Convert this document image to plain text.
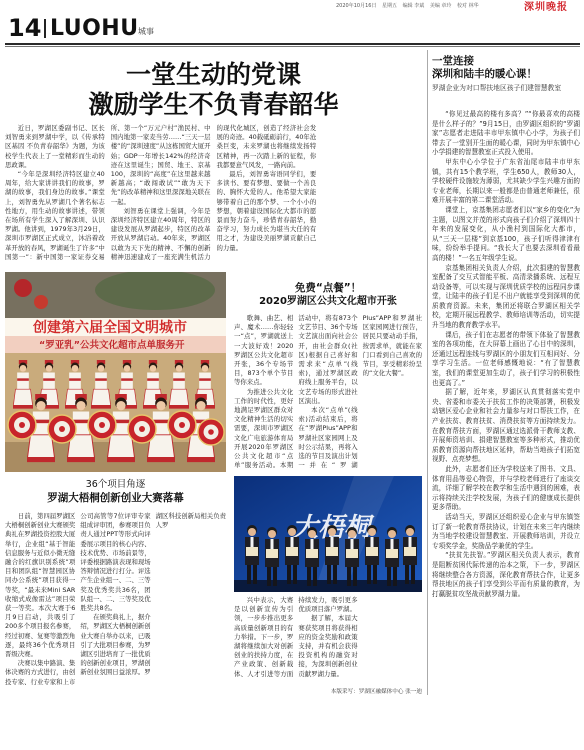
2020年10月16日 星期五 编辑 李斌 美编 章玲 校对 林华	深圳晚报
14 LUOHU 城事
一堂生动的党课
激励学生不负青春韶华

近日，罗湖区委副书记、区长刘智勇来到罗湖中学，以《传承特区基因 不负青春韶华》为题，为该校学生代表上了一堂精彩而生动的思政课。

“今年是深圳经济特区建立40周年，给大家讲讲我们的故事，罗湖的故事，我们身边的故事。”课堂上，刘智勇先从罗湖几个著名标志性地方，用生动的故事讲述，带领在场所有学生深入了解深圳、认识罗湖。他讲到，1979年3月29日，深圳市罗湖区正式成立，沐浴着改革开放的春风，罗湖诞生了许多“中国第一”：新中国第一家证券交易所、第一个“万元户村”渔民村、中国内地第一家麦当劳……“三天一层楼”的“深圳速度”从这栋国贸大厦开始；GDP一年增长142%的经济奇迹在这里诞生；国贸、地王、京基100，深圳的“高度”在这里越来越新越高；“敢闯敢试”“敢为天下先”的改革精神和这里深深地关联在一起。

刘智勇在课堂上强调，今年是深圳经济特区建立40周年，特区的建设发展从罗湖起步，特区的改革开放从罗湖启动。40年来，罗湖区以敢为天下先的精神、不懈的创新精神迅速建成了一座充满生机活力的现代化城区，创造了经济社会发展的奇迹。40载砥砺前行，40年沧桑巨变，未来罗湖也将继续发扬特区精神，再一次踏上新的征程，你我都要意气风发，一路向前。

最后，刘智勇寄语同学们，要多读书、要有梦想、要做一个善良的、胸怀大爱的人。他希望大家能够带着自己的那个梦、一个小小的梦想，朝着建设国际化大都市的愿景而努力奋斗，珍惜青春韶华，勤奋学习，努力成长为堪当大任的有用之才，为建设美丽罗湖贡献自己的力量。

一堂连接
深圳和陆丰的暖心课！
罗湖企业为对口帮扶地区孩子们建智慧教室

“你见过最高的楼有多高？”“你最喜欢的高楼是什么样子的？”9月15日，由罗湖区组织的“罗湖家”志愿者走进陆丰市甲东镇中心小学，为孩子们带去了一堂别开生面的暖心课，同时为甲东镇中心小学捐建的智慧教室正式投入使用。

甲东中心小学位于广东省汕尾市陆丰市甲东镇，共有15个教学班，学生650人，教师30人，学校硬件设施较为薄弱，尤其缺少学生兴趣方面的专业老师，长期以来一般都是由普通老师兼任，很难开展丰富的第二课堂活动。

课堂上，京基集团志愿者们以“家乡的变化”为主题，以图文并茂的形式向孩子们介绍了深圳四十年来的发展变化，从小渔村到国际化大都市，从“三天一层楼”到京基100，孩子们听得津津有味，纷纷举手提问。“我长大了也要去深圳看看最高的楼！”一名五年级学生说。

京基集团相关负责人介绍，此次捐建的智慧教室配备了交互式智能平板、高清录播系统、远程互动设备等，可以实现与深圳优质学校的远程同步课堂，让陆丰的孩子们足不出户就能享受到深圳的优质教育资源。未来，集团还将联合罗湖区相关学校，定期开展远程教学、教师培训等活动，切实提升当地的教育教学水平。

课后，孩子们在志愿者的带领下体验了智慧教室的各项功能，在大屏幕上画出了心目中的深圳，还通过远程连线与罗湖区的小朋友们互相问好、分享学习生活。一位老师感慨地说：“有了智慧教室，我们的课堂更加生动了，孩子们学习的积极性也更高了。”

据了解，近年来，罗湖区认真贯彻落实党中央、省委和市委关于扶贫工作的决策部署，积极发动辖区爱心企业和社会力量参与对口帮扶工作，在产业扶贫、教育扶贫、消费扶贫等方面持续发力。在教育帮扶方面，罗湖区通过选派骨干教师支教、开展师资培训、捐建智慧教室等多种形式，推动优质教育资源向帮扶地区延伸，帮助当地孩子们拓宽视野、点亮梦想。

此外，志愿者们还为学校送来了图书、文具、体育用品等爱心物资，并与学校老师进行了座谈交流，详细了解学校在教学和生活中遇到的困难，表示将持续关注学校发展，为孩子们的健康成长提供更多帮助。

活动当天，罗湖区还组织爱心企业与甲东镇签订了新一轮教育帮扶协议，计划在未来三年内继续为当地学校建设智慧教室、开展教师培训，并设立专项奖学金，奖励品学兼优的学生。

“扶贫先扶智。”罗湖区相关负责人表示，教育是阻断贫困代际传递的治本之策，下一步，罗湖区将继续整合各方资源，深化教育帮扶合作，让更多帮扶地区的孩子们享受到公平而有质量的教育，为打赢脱贫攻坚战贡献罗湖力量。

创建第六届全国文明城市
“罗亚乳”公共文化超市点单服务开
免费“点餐”！
2020罗湖区公共文化超市开张

歌舞、曲艺、相声、魔术……你轻轻一“点”，罗湖就送上一大波好戏！2020罗湖区公共文化超市开张，36个专场节目，873个单个节目等你来点。

为推进公共文化工作的时代性，更好地满足罗湖区群众对文化精神生活的切实需要，深圳市罗湖区文化广电旅游体育局开展2020年罗湖区公共文化超市“点单”服务活动。本期活动中，将有873个文艺节目、36个专场文艺演出面向社会公开，由社会群众(社区)根据自己喜好和需求来“点单”(线索)，通过罗湖区政府线上服务平台，以文艺专场的形式进社区演出。

本次“点单”(线索)活动结束后，将在“罗湖Plus”APP和罗湖社区家园网上及时公示结果，再将入选的节目及演出计划一并在“罗湖Plus”APP和罗湖社区家园网进行预告，居民只要动动手指，按需求单，就能在家门口看到自己喜欢的节目，享受精彩纷呈的“文化大餐”。

36个项目角逐
罗湖大梧桐创新创业大赛落幕

日前，第四届罗湖区大梧桐创新创业大赛颁奖典礼在罗湖投资控股大厦举行，企业组“基于智能信息服务与近似小微无缝融合的红旗识别系统”项目和团队组“智慧园区协同办公系统”项目获得一等奖，“最未来Mini SAR收缩式成像雷达”项目荣获一等奖。本次大赛于6月9日启动，共吸引了200多个项目报名参赛，经过初赛、复赛等激烈角逐，最终36个优秀项目晋级决赛。

决赛以集中路演、集体决赛的方式进行，由创投专家、行业专家和上市公司高管等7位评审专家组成评审团，参赛项目负责人通过PPT等形式向评委展示项目的核心内容、技术优势、市场前景等，评委根据路演表现和现场答辩情况进行打分。评选产生企业组一、二、三等奖及优秀奖共36名，团队组一、二、三等奖及优胜奖共8名。

在颁奖典礼上，据介绍，罗湖区大梧桐创新创业大赛自举办以来，已吸引了大批项目参赛，为罗湖区引进培育了一批优质的创新创业项目，罗湖创新创业氛围日益浓厚。罗湖区科技创新局相关负责人罗

兴中表示，大赛是以创新宣传为引领，一步步推出更多高质量创新项目的有力举措。下一步，罗湖将继续加大对创新创业的扶持力度，在产业政策、创新载体、人才引进等方面持续发力，吸引更多优质项目落户罗湖。

据了解，本届大赛获奖项目将获得相应的资金奖励和政策支持，并有机会获得投资机构的融资对接，为深圳创新创业贡献罗湖力量。

本版采写：罗湖区融媒体中心 张一迪
